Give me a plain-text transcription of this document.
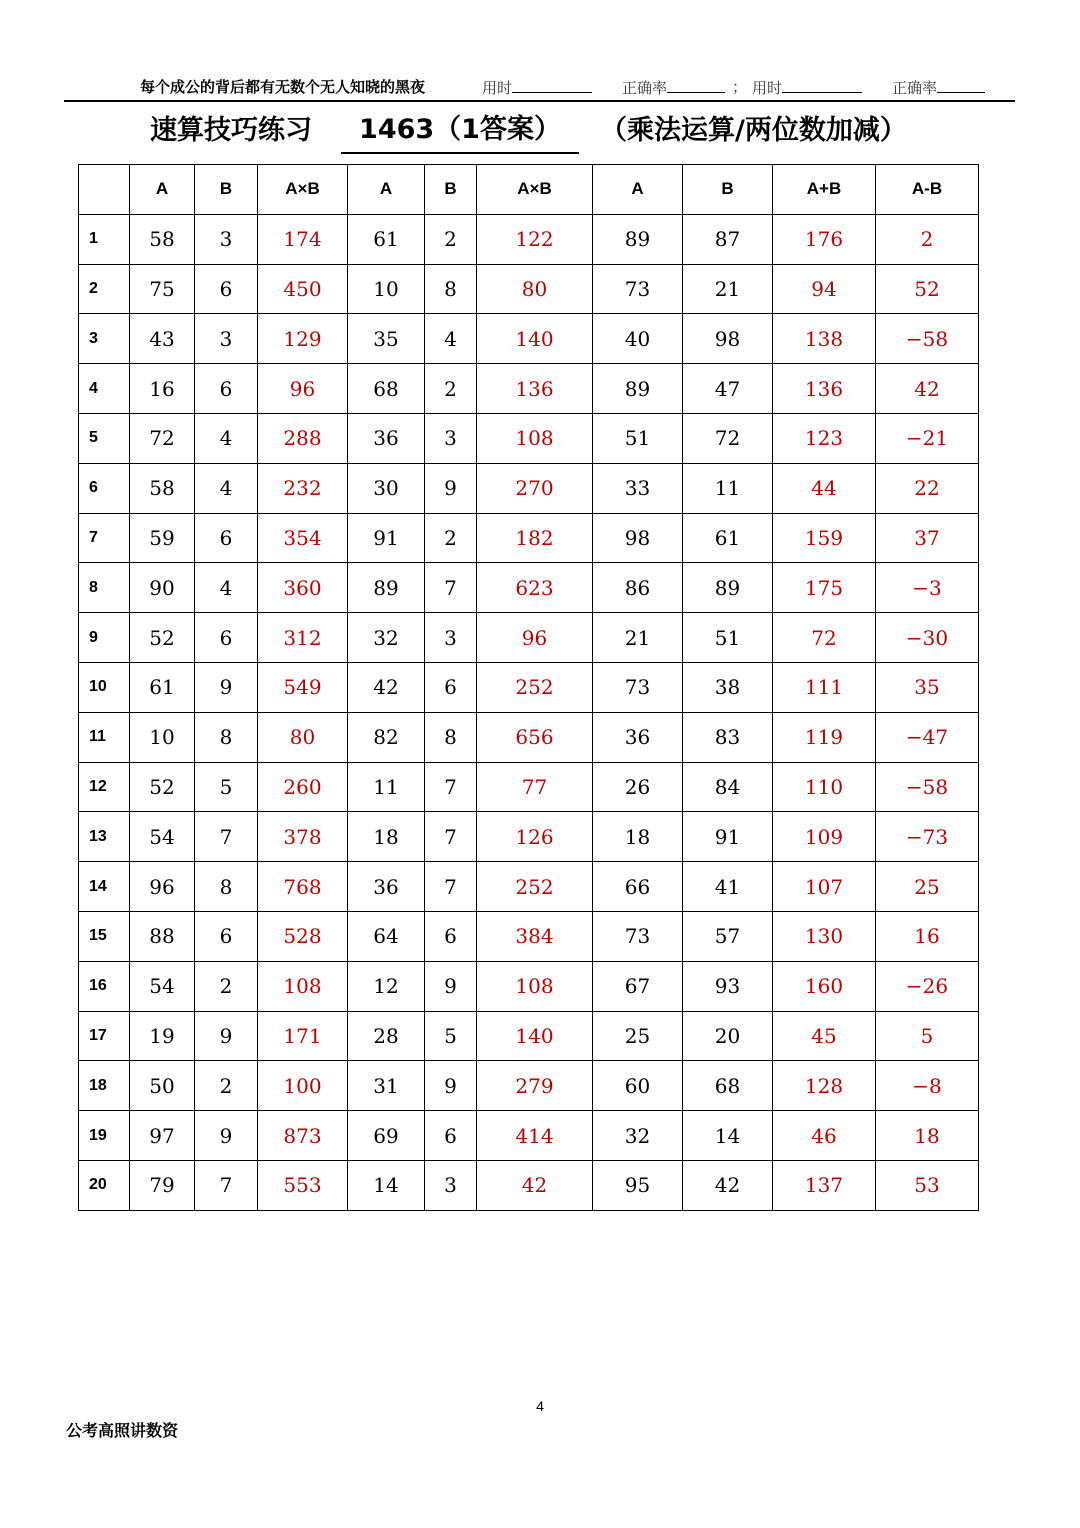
每个成公的背后都有无数个无人知晓的黑夜	用时	正确率	； 用时	正确率
速算技巧练习	1463（1答案）	（乘法运算/两位数加减）
	A	B	A×B	A	B	A×B	A	B	A+B	A-B
1	58	3	174	61	2	122	89	87	176	2
2	75	6	450	10	8	80	73	21	94	52
3	43	3	129	35	4	140	40	98	138	−58
4	16	6	96	68	2	136	89	47	136	42
5	72	4	288	36	3	108	51	72	123	−21
6	58	4	232	30	9	270	33	11	44	22
7	59	6	354	91	2	182	98	61	159	37
8	90	4	360	89	7	623	86	89	175	−3
9	52	6	312	32	3	96	21	51	72	−30
10	61	9	549	42	6	252	73	38	111	35
11	10	8	80	82	8	656	36	83	119	−47
12	52	5	260	11	7	77	26	84	110	−58
13	54	7	378	18	7	126	18	91	109	−73
14	96	8	768	36	7	252	66	41	107	25
15	88	6	528	64	6	384	73	57	130	16
16	54	2	108	12	9	108	67	93	160	−26
17	19	9	171	28	5	140	25	20	45	5
18	50	2	100	31	9	279	60	68	128	−8
19	97	9	873	69	6	414	32	14	46	18
20	79	7	553	14	3	42	95	42	137	53
4
公考高照讲数资
